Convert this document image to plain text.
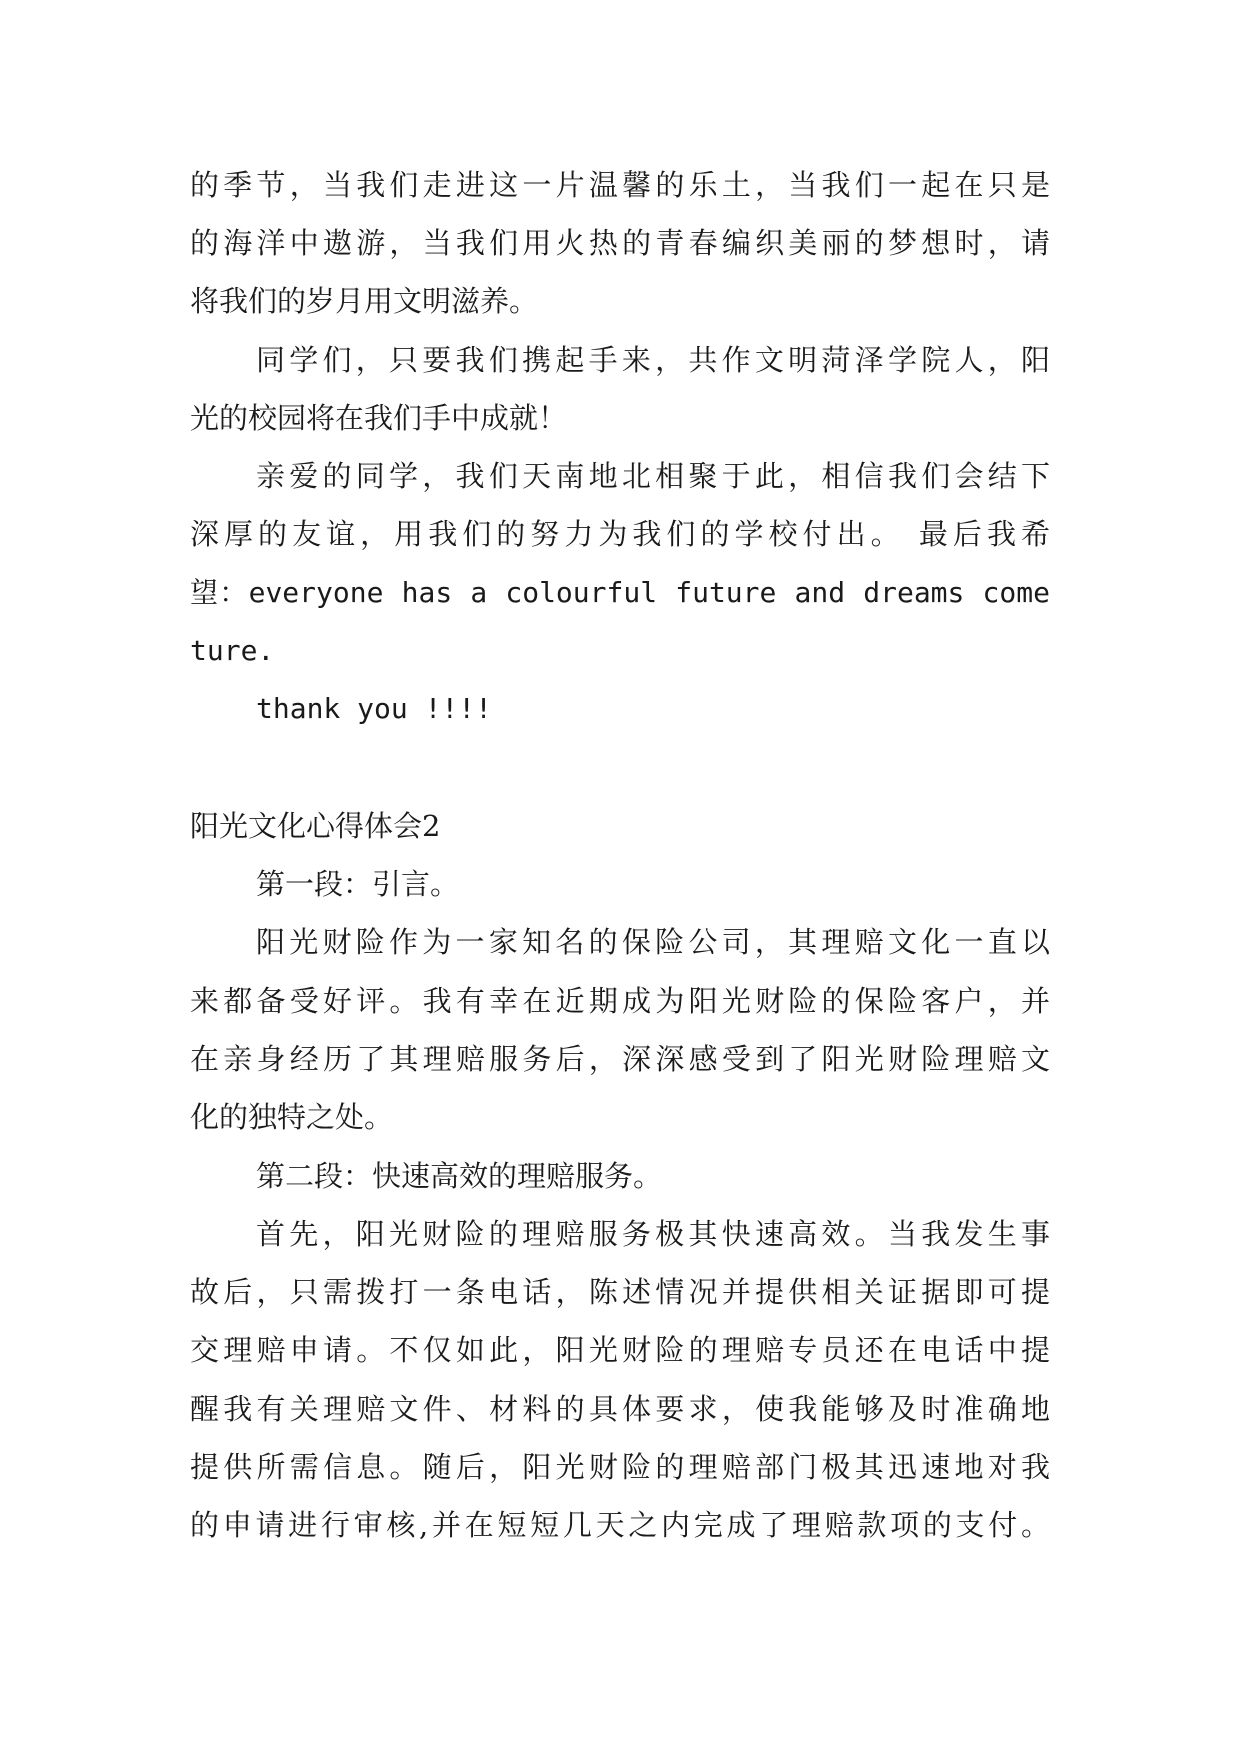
的季节，当我们走进这一片温馨的乐土，当我们一起在只是
的海洋中遨游，当我们用火热的青春编织美丽的梦想时，请
将我们的岁月用文明滋养。
同学们，只要我们携起手来，共作文明菏泽学院人，阳
光的校园将在我们手中成就！
亲爱的同学，我们天南地北相聚于此，相信我们会结下
深厚的友谊，用我们的努力为我们的学校付出。 最后我希
望：everyone has a colourful future and dreams come
ture.
thank you !!!!
阳光文化心得体会2
第一段：引言。
阳光财险作为一家知名的保险公司，其理赔文化一直以
来都备受好评。我有幸在近期成为阳光财险的保险客户，并
在亲身经历了其理赔服务后，深深感受到了阳光财险理赔文
化的独特之处。
第二段：快速高效的理赔服务。
首先，阳光财险的理赔服务极其快速高效。当我发生事
故后，只需拨打一条电话，陈述情况并提供相关证据即可提
交理赔申请。不仅如此，阳光财险的理赔专员还在电话中提
醒我有关理赔文件、材料的具体要求，使我能够及时准确地
提供所需信息。随后，阳光财险的理赔部门极其迅速地对我
的申请进行审核,并在短短几天之内完成了理赔款项的支付。
